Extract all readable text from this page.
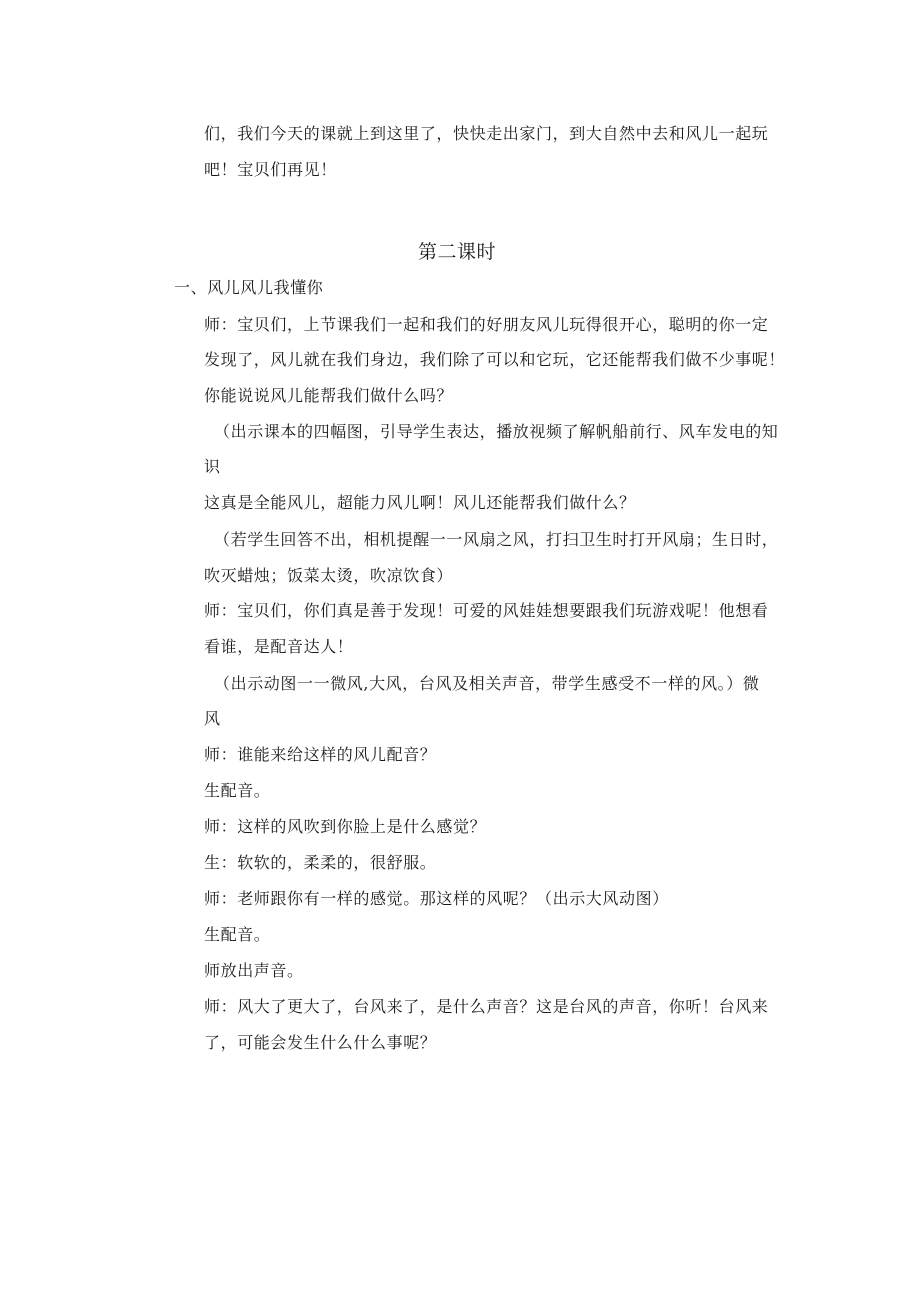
们，我们今天的课就上到这里了，快快走出家门，到大自然中去和风儿一起玩
吧！宝贝们再见！
第二课时
一、风儿风儿我懂你
师：宝贝们，上节课我们一起和我们的好朋友风儿玩得很开心，聪明的你一定
发现了，风儿就在我们身边，我们除了可以和它玩，它还能帮我们做不少事呢！
你能说说风儿能帮我们做什么吗？
（出示课本的四幅图，引导学生表达，播放视频了解帆船前行、风车发电的知
识
这真是全能风儿，超能力风儿啊！风儿还能帮我们做什么？
（若学生回答不出，相机提醒一一风扇之风，打扫卫生时打开风扇；生日时，
吹灭蜡烛；饭菜太烫，吹凉饮食）
师：宝贝们，你们真是善于发现！可爱的风娃娃想要跟我们玩游戏呢！他想看
看谁，是配音达人！
（出示动图一一微风,大风，台风及相关声音，带学生感受不一样的风。）微
风
师：谁能来给这样的风儿配音？
生配音。
师：这样的风吹到你脸上是什么感觉？
生：软软的，柔柔的，很舒服。
师：老师跟你有一样的感觉。那这样的风呢？（出示大风动图）
生配音。
师放出声音。
师：风大了更大了，台风来了，是什么声音？这是台风的声音，你听！台风来
了，可能会发生什么什么事呢？
